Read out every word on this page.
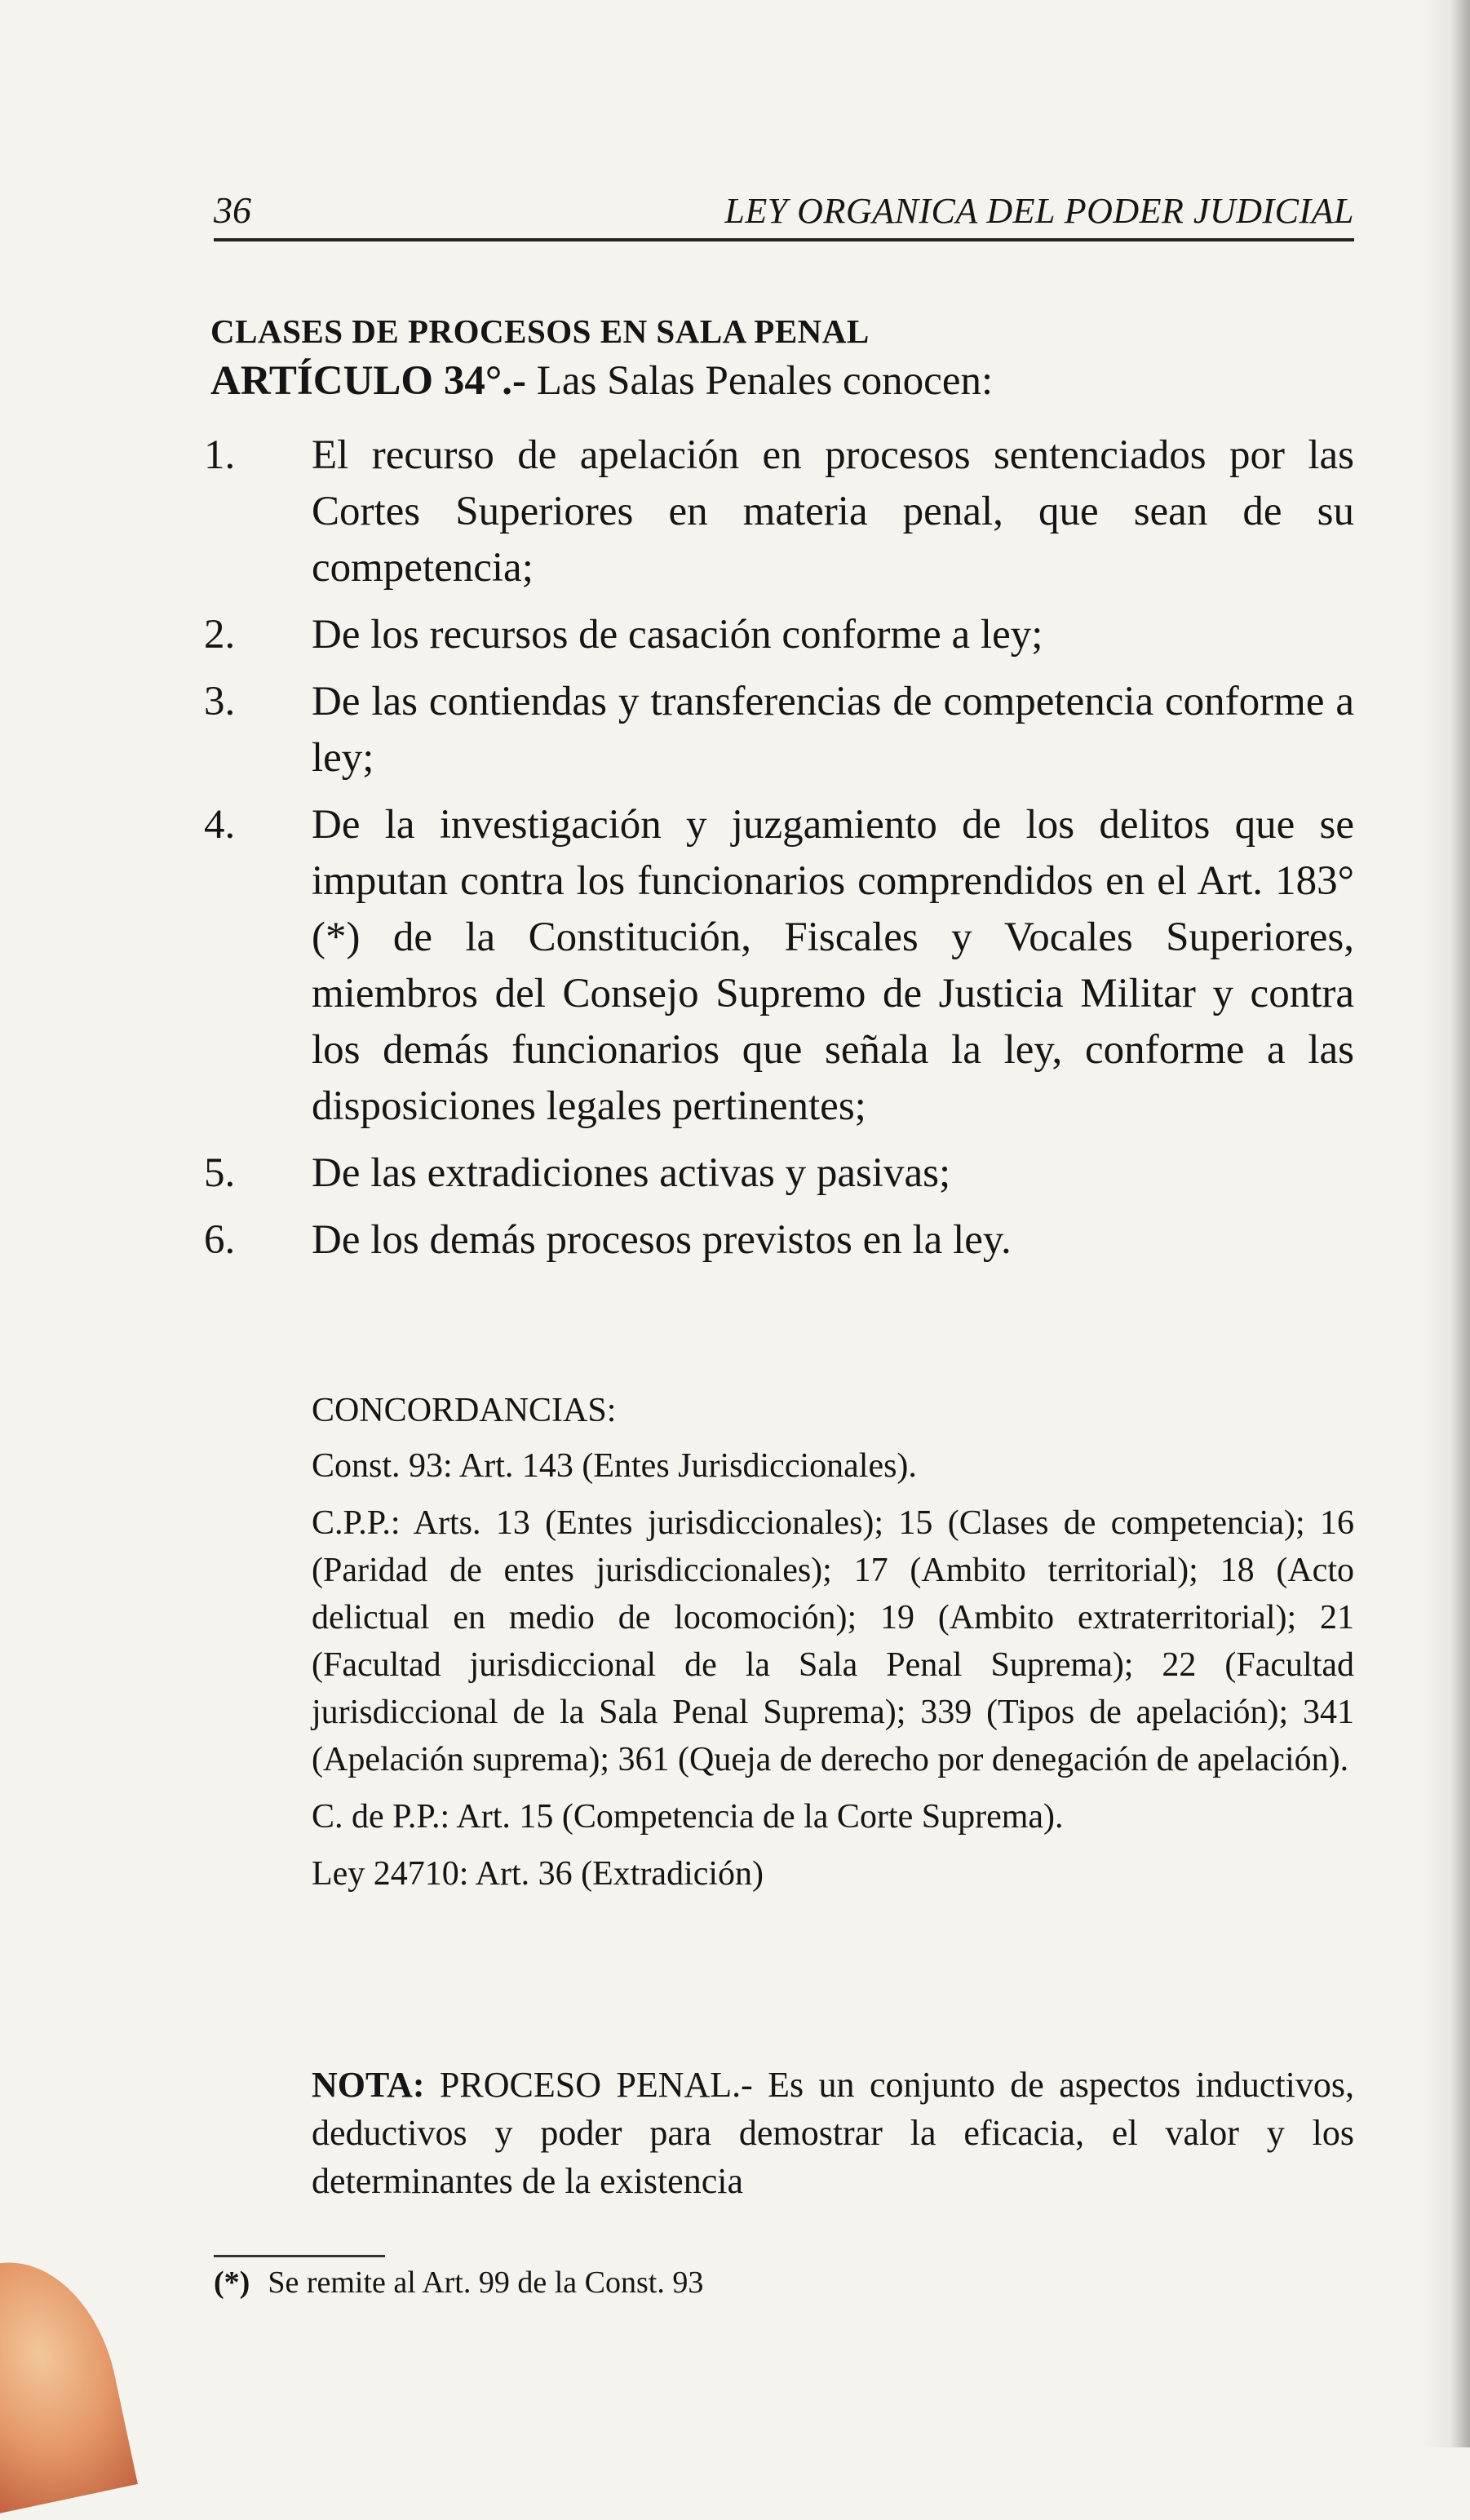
36	LEY ORGANICA DEL PODER JUDICIAL
CLASES DE PROCESOS EN SALA PENAL
ARTÍCULO 34°.- Las Salas Penales conocen:
1. El recurso de apelación en procesos sentenciados por las Cortes Superiores en materia penal, que sean de su competencia;
2. De los recursos de casación conforme a ley;
3. De las contiendas y transferencias de competencia conforme a ley;
4. De la investigación y juzgamiento de los delitos que se imputan contra los funcionarios comprendidos en el Art. 183°(*) de la Constitución, Fiscales y Vocales Superiores, miembros del Consejo Supremo de Justicia Militar y contra los demás funcionarios que señala la ley, conforme a las disposiciones legales pertinentes;
5. De las extradiciones activas y pasivas;
6. De los demás procesos previstos en la ley.
CONCORDANCIAS:
Const. 93: Art. 143 (Entes Jurisdiccionales).
C.P.P.: Arts. 13 (Entes jurisdiccionales); 15 (Clases de competencia); 16 (Paridad de entes jurisdiccionales); 17 (Ambito territorial); 18 (Acto delictual en medio de locomoción); 19 (Ambito extraterritorial); 21 (Facultad jurisdiccional de la Sala Penal Suprema); 22 (Facultad jurisdiccional de la Sala Penal Suprema); 339 (Tipos de apelación); 341 (Apelación suprema); 361 (Queja de derecho por denegación de apelación).
C. de P.P.: Art. 15 (Competencia de la Corte Suprema).
Ley 24710: Art. 36 (Extradición)
NOTA: PROCESO PENAL.- Es un conjunto de aspectos inductivos, deductivos y poder para demostrar la eficacia, el valor y los determinantes de la existencia
(*) Se remite al Art. 99 de la Const. 93
